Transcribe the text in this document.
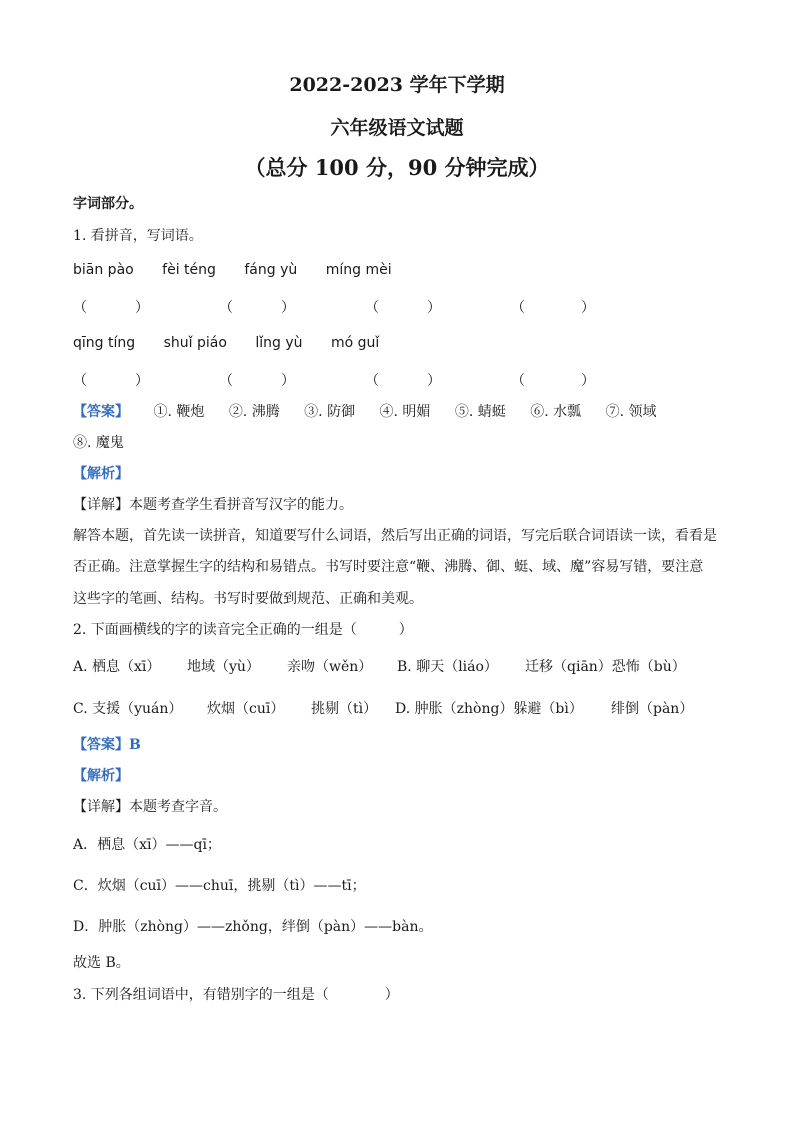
2022-2023 学年下学期
六年级语文试题
（总分 100 分，90 分钟完成）
字词部分。
1. 看拼音，写词语。
biān pào fèi téng fáng yù míng mèi
（	）	（	）	（	）	（	）
qīng tíng shuǐ piáo lǐng yù mó guǐ
（	）	（	）	（	）	（	）
【答案】 ①. 鞭炮 ②. 沸腾 ③. 防御 ④. 明媚 ⑤. 蜻蜓 ⑥. 水瓢 ⑦. 领域
⑧. 魔鬼
【解析】
【详解】本题考查学生看拼音写汉字的能力。
解答本题，首先读一读拼音，知道要写什么词语，然后写出正确的词语，写完后联合词语读一读，看看是
否正确。注意掌握生字的结构和易错点。书写时要注意“鞭、沸腾、御、蜓、域、魔”容易写错，要注意
这些字的笔画、结构。书写时要做到规范、正确和美观。
2. 下面画横线的字的读音完全正确的一组是（　　　）
A. 栖息（xī） 地域（yù） 亲吻（wěn） B. 聊天（liáo） 迁移（qiān）恐怖（bù）
C. 支援（yuán） 炊烟（cuī） 挑剔（tì） D. 肿胀（zhòng）躲避（bì） 绯倒（pàn）
【答案】B
【解析】
【详解】本题考查字音。
A．栖息（xī）——qī；
C．炊烟（cuī）——chuī，挑剔（tì）——tī；
D．肿胀（zhòng）——zhǒng，绊倒（pàn）——bàn。
故选 B。
3. 下列各组词语中，有错别字的一组是（　　　　）
